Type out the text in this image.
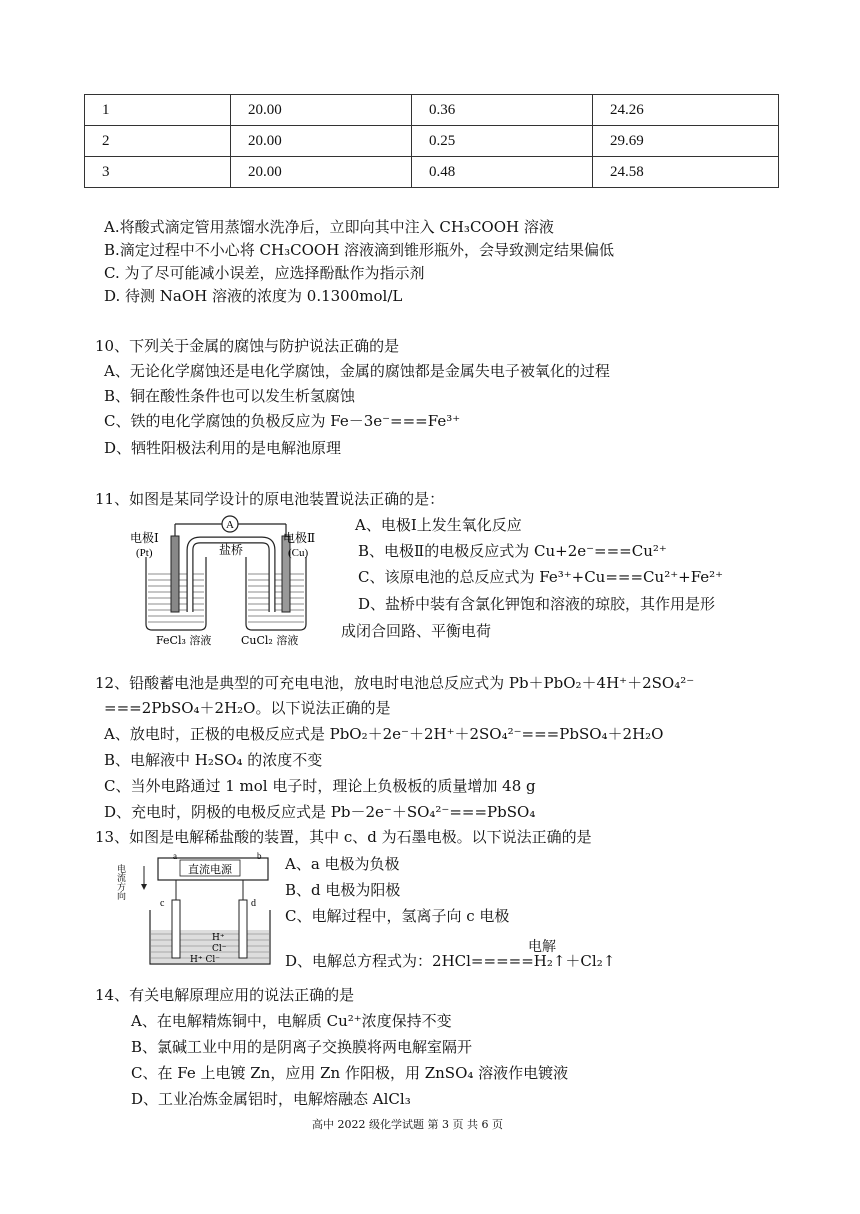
1	20.00	0.36	24.26
2	20.00	0.25	29.69
3	20.00	0.48	24.58
A.将酸式滴定管用蒸馏水洗净后，立即向其中注入 CH₃COOH 溶液
B.滴定过程中不小心将 CH₃COOH 溶液滴到锥形瓶外，会导致测定结果偏低
C. 为了尽可能减小误差，应选择酚酞作为指示剂
D. 待测 NaOH 溶液的浓度为 0.1300mol/L
10、下列关于金属的腐蚀与防护说法正确的是
A、无论化学腐蚀还是电化学腐蚀，金属的腐蚀都是金属失电子被氧化的过程
B、铜在酸性条件也可以发生析氢腐蚀
C、铁的电化学腐蚀的负极反应为 Fe－3e⁻===Fe³⁺
D、牺牲阳极法利用的是电解池原理
11、如图是某同学设计的原电池装置说法正确的是：
A、电极Ⅰ上发生氧化反应
B、电极Ⅱ的电极反应式为 Cu+2e⁻===Cu²⁺
C、该原电池的总反应式为 Fe³⁺+Cu===Cu²⁺+Fe²⁺
D、盐桥中装有含氯化钾饱和溶液的琼胶，其作用是形
成闭合回路、平衡电荷
A
盐桥
电极Ⅰ
(Pt)
电极Ⅱ
(Cu)
FeCl₃ 溶液	CuCl₂ 溶液
12、铅酸蓄电池是典型的可充电电池，放电时电池总反应式为 Pb＋PbO₂＋4H⁺＋2SO₄²⁻
===2PbSO₄＋2H₂O。以下说法正确的是
A、放电时，正极的电极反应式是 PbO₂＋2e⁻＋2H⁺＋2SO₄²⁻===PbSO₄＋2H₂O
B、电解液中 H₂SO₄ 的浓度不变
C、当外电路通过 1 mol 电子时，理论上负极板的质量增加 48 g
D、充电时，阴极的电极反应式是 Pb－2e⁻＋SO₄²⁻===PbSO₄
13、如图是电解稀盐酸的装置，其中 c、d 为石墨电极。以下说法正确的是
A、a 电极为负极
B、d 电极为阳极
C、电解过程中，氢离子向 c 电极
电解
D、电解总方程式为：2HCl=====H₂↑＋Cl₂↑
电流方向	直流电源
a	b
c	d
H⁺
Cl⁻
H⁺ Cl⁻
14、有关电解原理应用的说法正确的是
A、在电解精炼铜中，电解质 Cu²⁺浓度保持不变
B、氯碱工业中用的是阴离子交换膜将两电解室隔开
C、在 Fe 上电镀 Zn，应用 Zn 作阳极，用 ZnSO₄ 溶液作电镀液
D、工业冶炼金属铝时，电解熔融态 AlCl₃
高中 2022 级化学试题 第 3 页 共 6 页
